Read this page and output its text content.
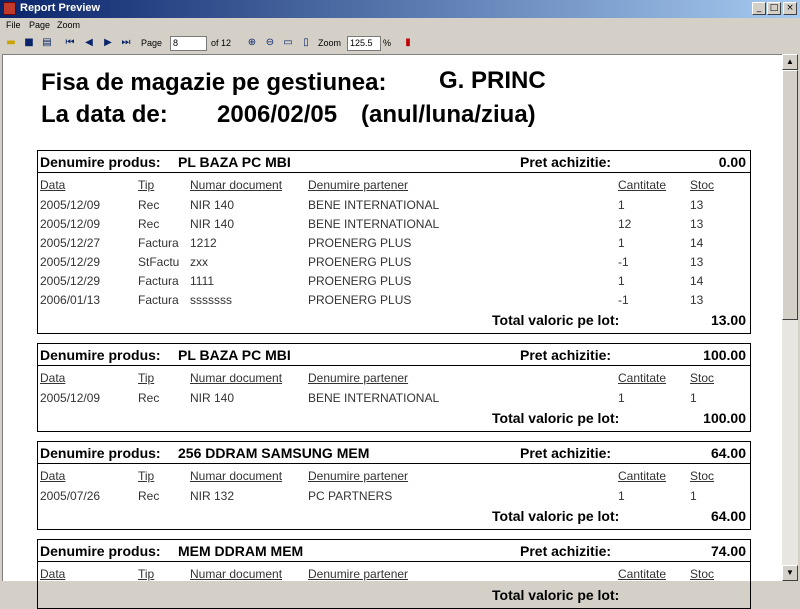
Report Preview	_ □ ×
File Page Zoom
▬ ■ ▤ ⏮	◀	▶ ⏭ Page	8	of 12 ⊕ ⊖ ▭	▯	Zoom 125.5	%	▮
Fisa de magazie pe gestiunea: G. PRINC
La data de: 2006/02/05 (anul/luna/ziua)
Denumire produs: PL BAZA PC MBI	Pret achizitie:	0.00
Data	Tip	Numar document Denumire partener	Cantitate Stoc
2005/12/09	Rec	NIR 140	BENE INTERNATIONAL	1	13
2005/12/09	Rec	NIR 140	BENE INTERNATIONAL	12	13
2005/12/27	Factura 1212	PROENERG PLUS	1	14
2005/12/29	StFactu zxx	PROENERG PLUS	-1	13
2005/12/29	Factura 1111	PROENERG PLUS	1	14
2006/01/13	Factura sssssss	PROENERG PLUS	-1	13
Total valoric pe lot:	13.00
Denumire produs: PL BAZA PC MBI	Pret achizitie:	100.00
Data	Tip	Numar document Denumire partener	Cantitate Stoc
2005/12/09	Rec	NIR 140	BENE INTERNATIONAL	1	1
Total valoric pe lot:	100.00
Denumire produs: 256 DDRAM SAMSUNG MEM	Pret achizitie:	64.00
Data	Tip	Numar document Denumire partener	Cantitate Stoc
2005/07/26	Rec	NIR 132	PC PARTNERS	1	1
Total valoric pe lot:	64.00
Denumire produs: MEM DDRAM MEM	Pret achizitie:	74.00
Data	Tip	Numar document Denumire partener	Cantitate Stoc
Total valoric pe lot:
▲
▼
